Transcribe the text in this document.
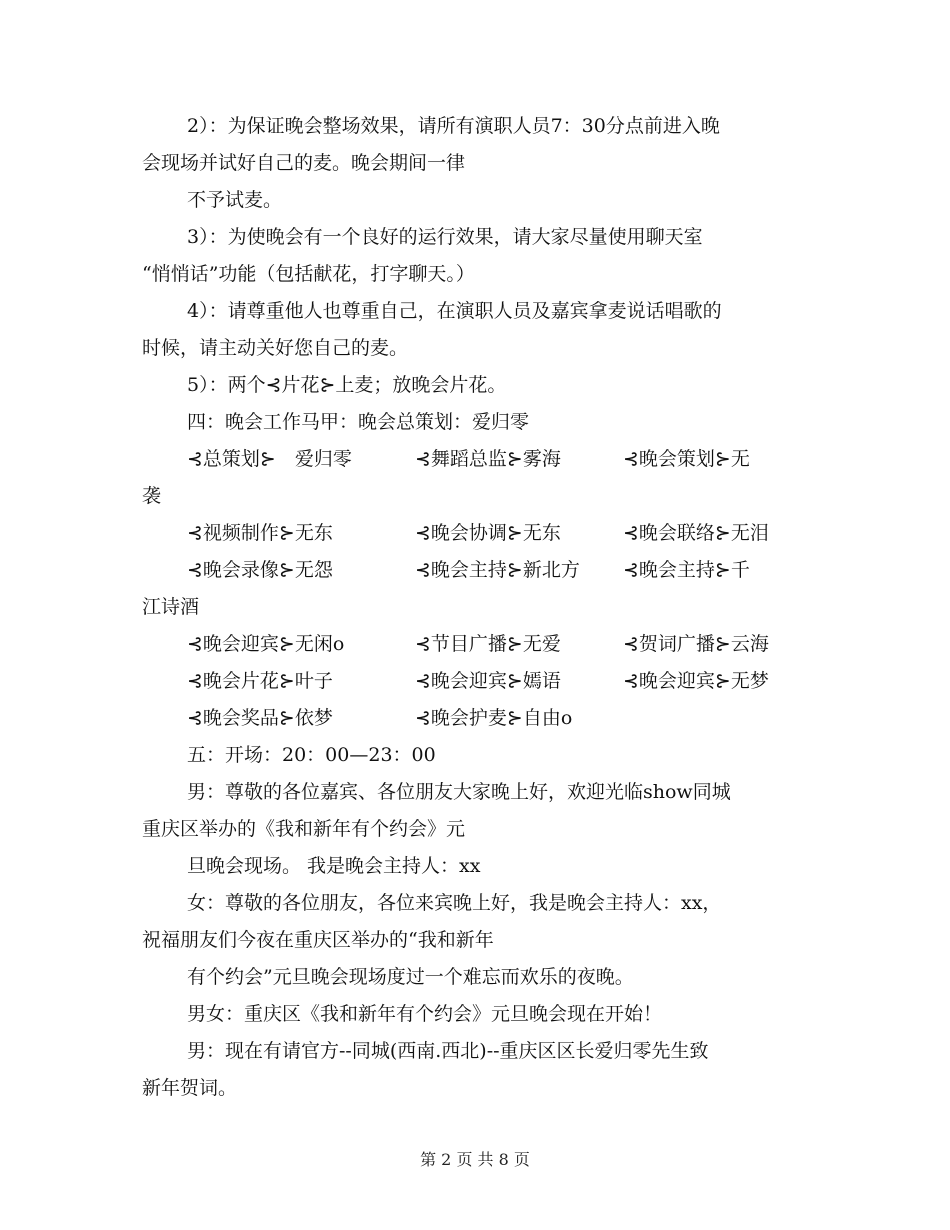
2）：为保证晚会整场效果，请所有演职人员7：30分点前进入晚
会现场并试好自己的麦。晚会期间一律
不予试麦。
3）：为使晚会有一个良好的运行效果，请大家尽量使用聊天室
“悄悄话”功能（包括献花，打字聊天。）
4）：请尊重他人也尊重自己，在演职人员及嘉宾拿麦说话唱歌的
时候，请主动关好您自己的麦。
5）：两个⊰片花⊱上麦；放晚会片花。
四：晚会工作马甲：晚会总策划：爱归零
⊰总策划⊱　爱归零	⊰舞蹈总监⊱雾海	⊰晚会策划⊱无
袭
⊰视频制作⊱无东	⊰晚会协调⊱无东	⊰晚会联络⊱无泪
⊰晚会录像⊱无怨	⊰晚会主持⊱新北方	⊰晚会主持⊱千
江诗酒
⊰晚会迎宾⊱无闲o	⊰节目广播⊱无爱	⊰贺词广播⊱云海
⊰晚会片花⊱叶子	⊰晚会迎宾⊱嫣语	⊰晚会迎宾⊱无梦
⊰晚会奖品⊱依梦	⊰晚会护麦⊱自由o
五：开场：20：00—23：00
男：尊敬的各位嘉宾、各位朋友大家晚上好，欢迎光临show同城
重庆区举办的《我和新年有个约会》元
旦晚会现场。 我是晚会主持人：xx
女：尊敬的各位朋友，各位来宾晚上好，我是晚会主持人：xx，
祝福朋友们今夜在重庆区举办的“我和新年
有个约会”元旦晚会现场度过一个难忘而欢乐的夜晚。
男女：重庆区《我和新年有个约会》元旦晚会现在开始！
男：现在有请官方--同城(西南.西北)--重庆区区长爱归零先生致
新年贺词。
第 2 页 共 8 页
